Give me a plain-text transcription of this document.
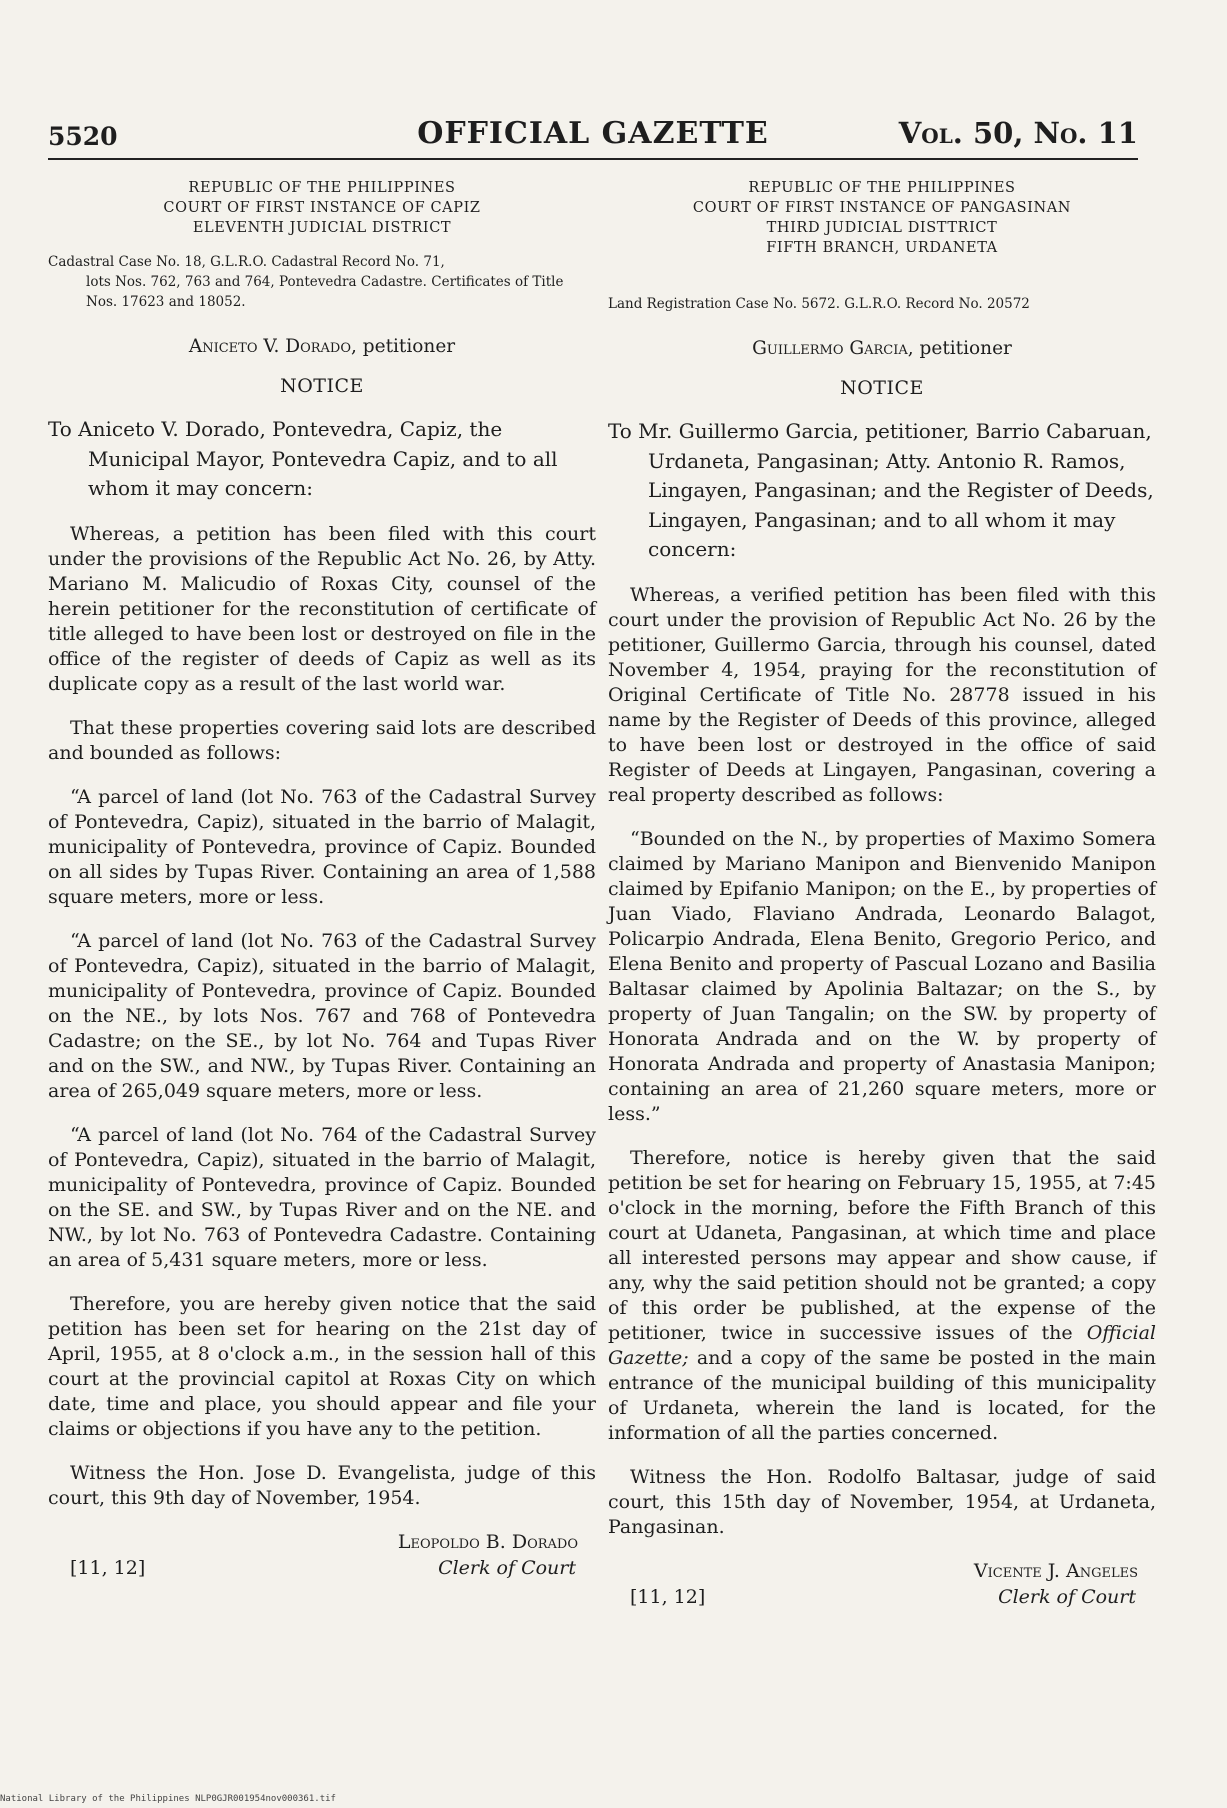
5520	OFFICIAL GAZETTE	Vol. 50, No. 11
REPUBLIC OF THE PHILIPPINES
COURT OF FIRST INSTANCE OF CAPIZ
ELEVENTH JUDICIAL DISTRICT
Cadastral Case No. 18, G.L.R.O. Cadastral Record No. 71,
lots Nos. 762, 763 and 764, Pontevedra Cadastre. Certificates of Title Nos. 17623 and 18052.
Aniceto V. Dorado, petitioner
NOTICE
To Aniceto V. Dorado, Pontevedra, Capiz, the Municipal Mayor, Pontevedra Capiz, and to all whom it may concern:

Whereas, a petition has been filed with this court under the provisions of the Republic Act No. 26, by Atty. Mariano M. Malicudio of Roxas City, counsel of the herein petitioner for the reconstitution of certificate of title alleged to have been lost or destroyed on file in the office of the register of deeds of Capiz as well as its duplicate copy as a result of the last world war.

That these properties covering said lots are described and bounded as follows:

“A parcel of land (lot No. 763 of the Cadastral Survey of Pontevedra, Capiz), situated in the barrio of Malagit, municipality of Pontevedra, province of Capiz. Bounded on all sides by Tupas River. Containing an area of 1,588 square meters, more or less.

“A parcel of land (lot No. 763 of the Cadastral Survey of Pontevedra, Capiz), situated in the barrio of Malagit, municipality of Pontevedra, province of Capiz. Bounded on the NE., by lots Nos. 767 and 768 of Pontevedra Cadastre; on the SE., by lot No. 764 and Tupas River and on the SW., and NW., by Tupas River. Containing an area of 265,049 square meters, more or less.

“A parcel of land (lot No. 764 of the Cadastral Survey of Pontevedra, Capiz), situated in the barrio of Malagit, municipality of Pontevedra, province of Capiz. Bounded on the SE. and SW., by Tupas River and on the NE. and NW., by lot No. 763 of Pontevedra Cadastre. Containing an area of 5,431 square meters, more or less.

Therefore, you are hereby given notice that the said petition has been set for hearing on the 21st day of April, 1955, at 8 o'clock a.m., in the session hall of this court at the provincial capitol at Roxas City on which date, time and place, you should appear and file your claims or objections if you have any to the petition.

Witness the Hon. Jose D. Evangelista, judge of this court, this 9th day of November, 1954.

[11, 12]
Leopoldo B. Dorado
Clerk of Court
REPUBLIC OF THE PHILIPPINES
COURT OF FIRST INSTANCE OF PANGASINAN
THIRD JUDICIAL DISTTRICT
FIFTH BRANCH, URDANETA
Land Registration Case No. 5672. G.L.R.O. Record No. 20572
Guillermo Garcia, petitioner
NOTICE
To Mr. Guillermo Garcia, petitioner, Barrio Cabaruan, Urdaneta, Pangasinan; Atty. Antonio R. Ramos, Lingayen, Pangasinan; and the Register of Deeds, Lingayen, Pangasinan; and to all whom it may concern:

Whereas, a verified petition has been filed with this court under the provision of Republic Act No. 26 by the petitioner, Guillermo Garcia, through his counsel, dated November 4, 1954, praying for the reconstitution of Original Certificate of Title No. 28778 issued in his name by the Register of Deeds of this province, alleged to have been lost or destroyed in the office of said Register of Deeds at Lingayen, Pangasinan, covering a real property described as follows:

“Bounded on the N., by properties of Maximo Somera claimed by Mariano Manipon and Bienvenido Manipon claimed by Epifanio Manipon; on the E., by properties of Juan Viado, Flaviano Andrada, Leonardo Balagot, Policarpio Andrada, Elena Benito, Gregorio Perico, and Elena Benito and property of Pascual Lozano and Basilia Baltasar claimed by Apolinia Baltazar; on the S., by property of Juan Tangalin; on the SW. by property of Honorata Andrada and on the W. by property of Honorata Andrada and property of Anastasia Manipon; containing an area of 21,260 square meters, more or less.”

Therefore, notice is hereby given that the said petition be set for hearing on February 15, 1955, at 7:45 o'clock in the morning, before the Fifth Branch of this court at Udaneta, Pangasinan, at which time and place all interested persons may appear and show cause, if any, why the said petition should not be granted; a copy of this order be published, at the expense of the petitioner, twice in successive issues of the Official Gazette; and a copy of the same be posted in the main entrance of the municipal building of this municipality of Urdaneta, wherein the land is located, for the information of all the parties concerned.

Witness the Hon. Rodolfo Baltasar, judge of said court, this 15th day of November, 1954, at Urdaneta, Pangasinan.

[11, 12]
Vicente J. Angeles
Clerk of Court
National Library of the Philippines NLP0GJR001954nov000361.tif
